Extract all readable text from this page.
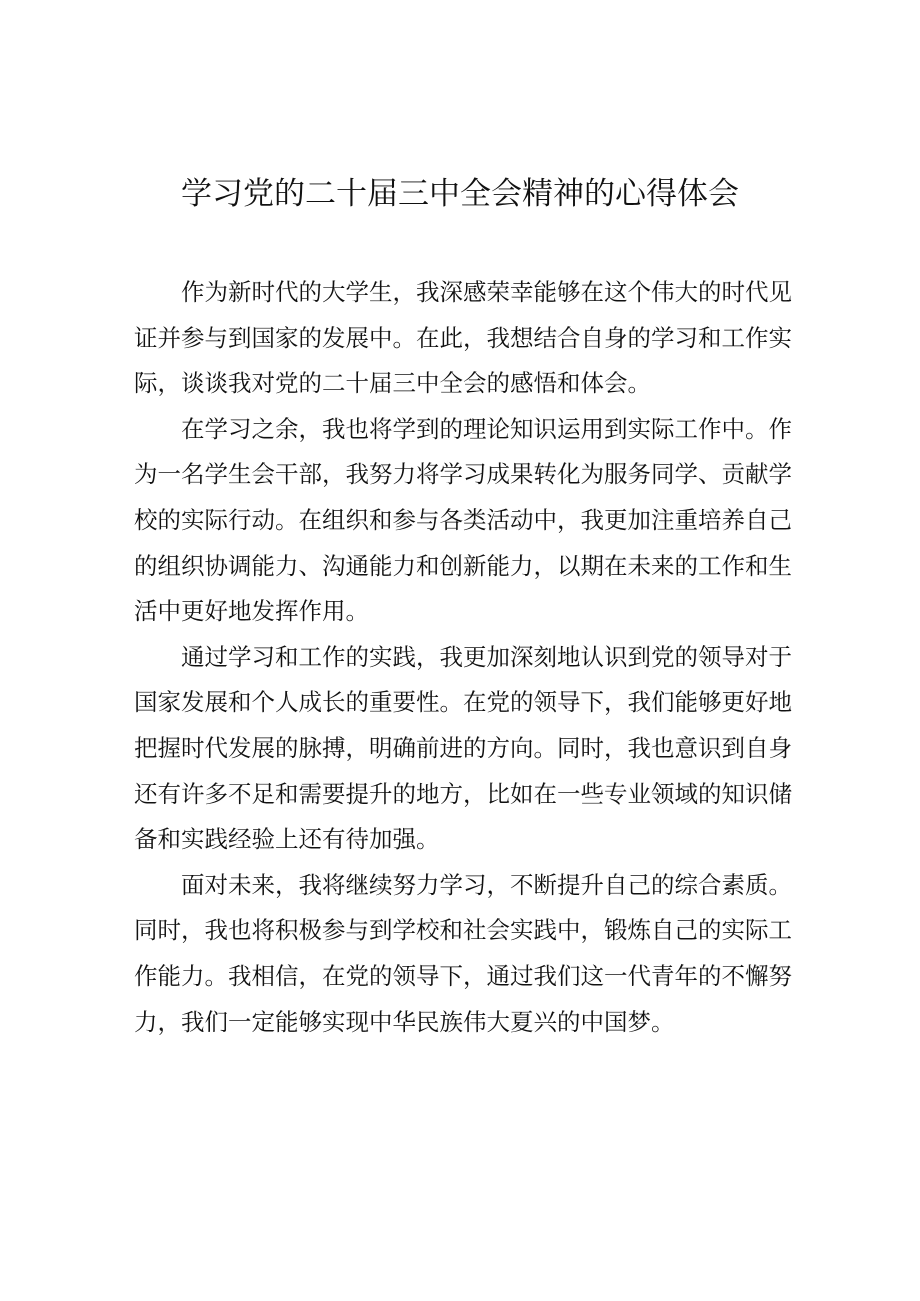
学习党的二十届三中全会精神的心得体会
作为新时代的大学生，我深感荣幸能够在这个伟大的时代见
证并参与到国家的发展中。在此，我想结合自身的学习和工作实
际，谈谈我对党的二十届三中全会的感悟和体会。
在学习之余，我也将学到的理论知识运用到实际工作中。作
为一名学生会干部，我努力将学习成果转化为服务同学、贡献学
校的实际行动。在组织和参与各类活动中，我更加注重培养自己
的组织协调能力、沟通能力和创新能力，以期在未来的工作和生
活中更好地发挥作用。
通过学习和工作的实践，我更加深刻地认识到党的领导对于
国家发展和个人成长的重要性。在党的领导下，我们能够更好地
把握时代发展的脉搏，明确前进的方向。同时，我也意识到自身
还有许多不足和需要提升的地方，比如在一些专业领域的知识储
备和实践经验上还有待加强。
面对未来，我将继续努力学习，不断提升自己的综合素质。
同时，我也将积极参与到学校和社会实践中，锻炼自己的实际工
作能力。我相信，在党的领导下，通过我们这一代青年的不懈努
力，我们一定能够实现中华民族伟大夏兴的中国梦。
